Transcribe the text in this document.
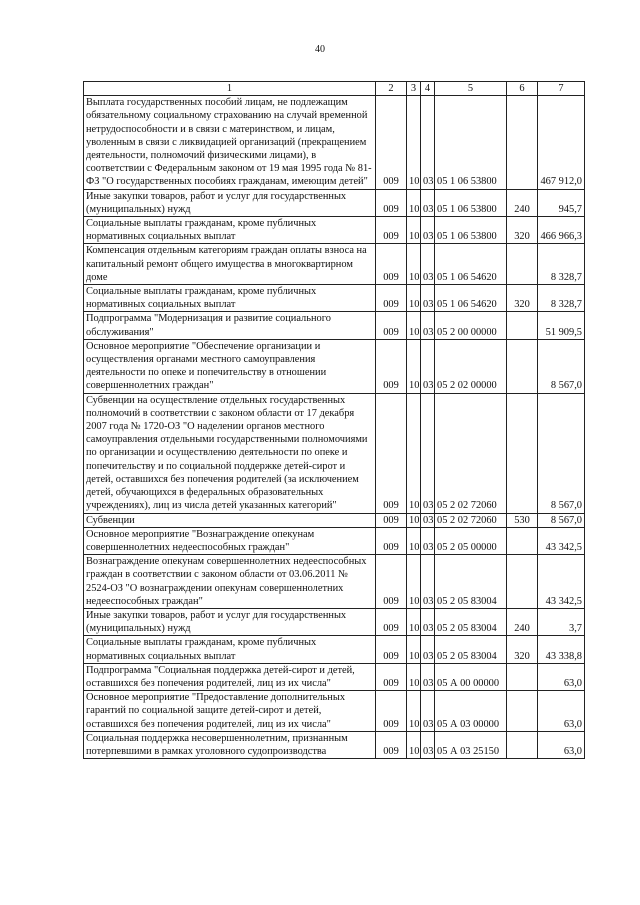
40
1	2	3	4	5	6	7
Выплата государственных пособий лицам, не подлежащим обязательному социальному страхованию на случай временной нетрудоспособности и в связи с материнством, и лицам, уволенным в связи с ликвидацией организаций (прекращением деятельности, полномочий физическими лицами), в соответствии с Федеральным законом от 19 мая 1995 года № 81-ФЗ "О государственных пособиях гражданам, имеющим детей"	009	10	03	05 1 06 53800		467 912,0
Иные закупки товаров, работ и услуг для государственных (муниципальных) нужд	009	10	03	05 1 06 53800	240	945,7
Социальные выплаты гражданам, кроме публичных нормативных социальных выплат	009	10	03	05 1 06 53800	320	466 966,3
Компенсация отдельным категориям граждан оплаты взноса на капитальный ремонт общего имущества в многоквартирном доме	009	10	03	05 1 06 54620		8 328,7
Социальные выплаты гражданам, кроме публичных нормативных социальных выплат	009	10	03	05 1 06 54620	320	8 328,7
Подпрограмма "Модернизация и развитие социального обслуживания"	009	10	03	05 2 00 00000		51 909,5
Основное мероприятие "Обеспечение организации и осуществления органами местного самоуправления деятельности по опеке и попечительству в отношении совершеннолетних граждан"	009	10	03	05 2 02 00000		8 567,0
Субвенции на осуществление отдельных государственных полномочий в соответствии с законом области от 17 декабря 2007 года № 1720-ОЗ "О наделении органов местного самоуправления отдельными государственными полномочиями по организации и осуществлению деятельности по опеке и попечительству и по социальной поддержке детей-сирот и детей, оставшихся без попечения родителей (за исключением детей, обучающихся в федеральных образовательных учреждениях), лиц из числа детей указанных категорий"	009	10	03	05 2 02 72060		8 567,0
Субвенции	009	10	03	05 2 02 72060	530	8 567,0
Основное мероприятие "Вознаграждение опекунам совершеннолетних недееспособных граждан"	009	10	03	05 2 05 00000		43 342,5
Вознаграждение опекунам совершеннолетних недееспособных граждан в соответствии с законом области от 03.06.2011 № 2524-ОЗ "О вознаграждении опекунам совершеннолетних недееспособных граждан"	009	10	03	05 2 05 83004		43 342,5
Иные закупки товаров, работ и услуг для государственных (муниципальных) нужд	009	10	03	05 2 05 83004	240	3,7
Социальные выплаты гражданам, кроме публичных нормативных социальных выплат	009	10	03	05 2 05 83004	320	43 338,8
Подпрограмма "Социальная поддержка детей-сирот и детей, оставшихся без попечения родителей, лиц из их числа"	009	10	03	05 А 00 00000		63,0
Основное мероприятие "Предоставление дополнительных гарантий по социальной защите детей-сирот и детей, оставшихся без попечения родителей, лиц из их числа"	009	10	03	05 А 03 00000		63,0
Социальная поддержка несовершеннолетним, признанным потерпевшими в рамках уголовного судопроизводства	009	10	03	05 А 03 25150		63,0
